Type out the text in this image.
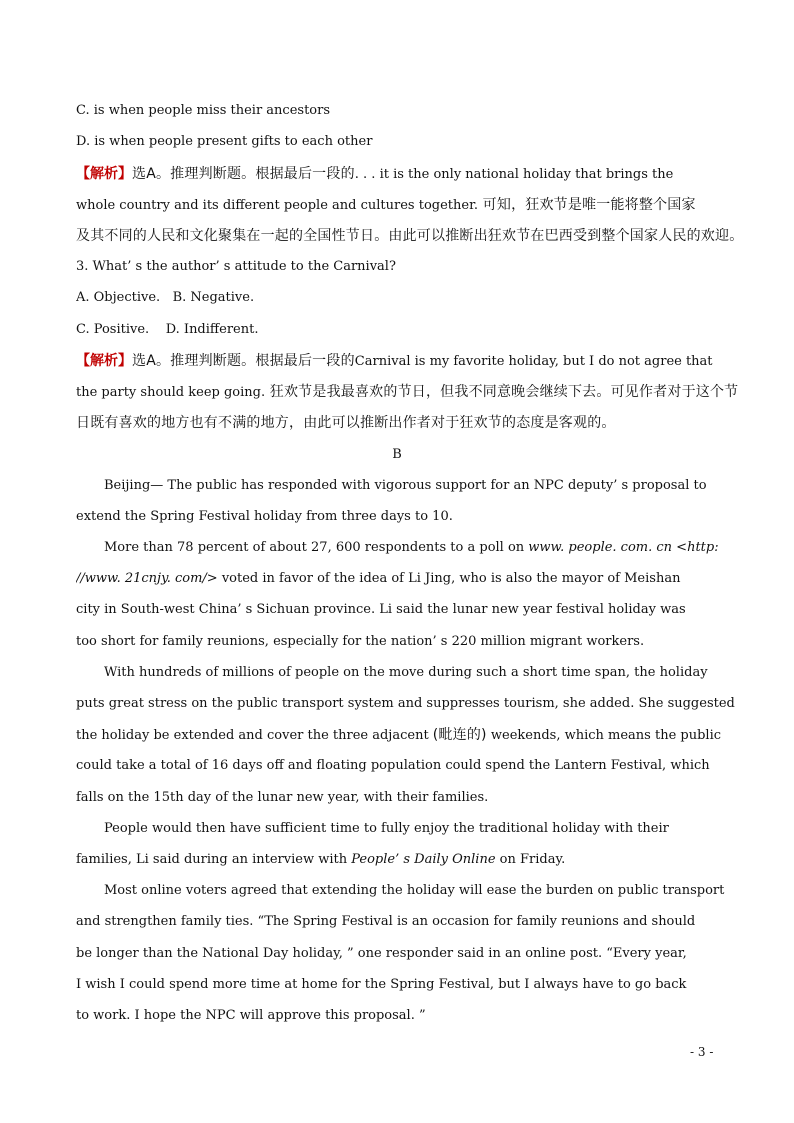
C. is when people miss their ancestors
D. is when people present gifts to each other
【解析】选A。推理判断题。根据最后一段的. . . it is the only national holiday that brings the
whole country and its different people and cultures together. 可知，狂欢节是唯一能将整个国家
及其不同的人民和文化聚集在一起的全国性节日。由此可以推断出狂欢节在巴西受到整个国家人民的欢迎。
3. What’ s the author’ s attitude to the Carnival?
A. Objective.   B. Negative.
C. Positive.    D. Indifferent.
【解析】选A。推理判断题。根据最后一段的Carnival is my favorite holiday, but I do not agree that
the party should keep going. 狂欢节是我最喜欢的节日，但我不同意晚会继续下去。可见作者对于这个节
日既有喜欢的地方也有不满的地方，由此可以推断出作者对于狂欢节的态度是客观的。
B
Beijing— The public has responded with vigorous support for an NPC deputy’ s proposal to
extend the Spring Festival holiday from three days to 10.
More than 78 percent of about 27, 600 respondents to a poll on www. people. com. cn <http:
//www. 21cnjy. com/> voted in favor of the idea of Li Jing, who is also the mayor of Meishan
city in South-west China’ s Sichuan province. Li said the lunar new year festival holiday was
too short for family reunions, especially for the nation’ s 220 million migrant workers.
With hundreds of millions of people on the move during such a short time span, the holiday
puts great stress on the public transport system and suppresses tourism, she added. She suggested
the holiday be extended and cover the three adjacent (毗连的) weekends, which means the public
could take a total of 16 days off and floating population could spend the Lantern Festival, which
falls on the 15th day of the lunar new year, with their families.
People would then have sufficient time to fully enjoy the traditional holiday with their
families, Li said during an interview with People’ s Daily Online on Friday.
Most online voters agreed that extending the holiday will ease the burden on public transport
and strengthen family ties. “The Spring Festival is an occasion for family reunions and should
be longer than the National Day holiday, ” one responder said in an online post. “Every year,
I wish I could spend more time at home for the Spring Festival, but I always have to go back
to work. I hope the NPC will approve this proposal. ”
- 3 -
